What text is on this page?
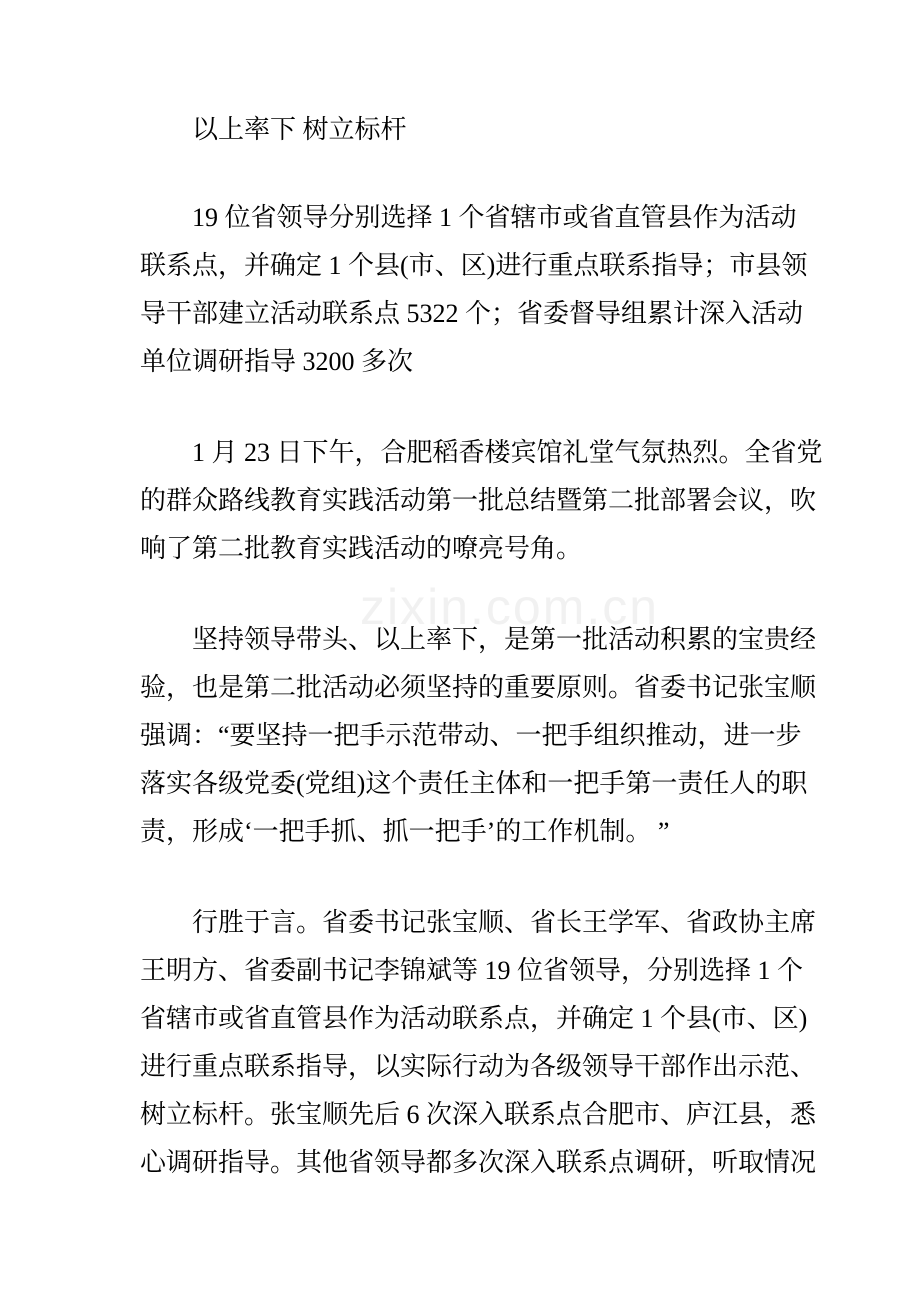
zixin.com.cn
以上率下 树立标杆
19 位省领导分别选择 1 个省辖市或省直管县作为活动
联系点，并确定 1 个县(市、区)进行重点联系指导；市县领
导干部建立活动联系点 5322 个；省委督导组累计深入活动
单位调研指导 3200 多次
1 月 23 日下午，合肥稻香楼宾馆礼堂气氛热烈。全省党
的群众路线教育实践活动第一批总结暨第二批部署会议，吹
响了第二批教育实践活动的嘹亮号角。
坚持领导带头、以上率下，是第一批活动积累的宝贵经
验，也是第二批活动必须坚持的重要原则。省委书记张宝顺
强调：“要坚持一把手示范带动、一把手组织推动，进一步
落实各级党委(党组)这个责任主体和一把手第一责任人的职
责，形成‘一把手抓、抓一把手’的工作机制。 ”
行胜于言。省委书记张宝顺、省长王学军、省政协主席
王明方、省委副书记李锦斌等 19 位省领导，分别选择 1 个
省辖市或省直管县作为活动联系点，并确定 1 个县(市、区)
进行重点联系指导，以实际行动为各级领导干部作出示范、
树立标杆。张宝顺先后 6 次深入联系点合肥市、庐江县，悉
心调研指导。其他省领导都多次深入联系点调研，听取情况
